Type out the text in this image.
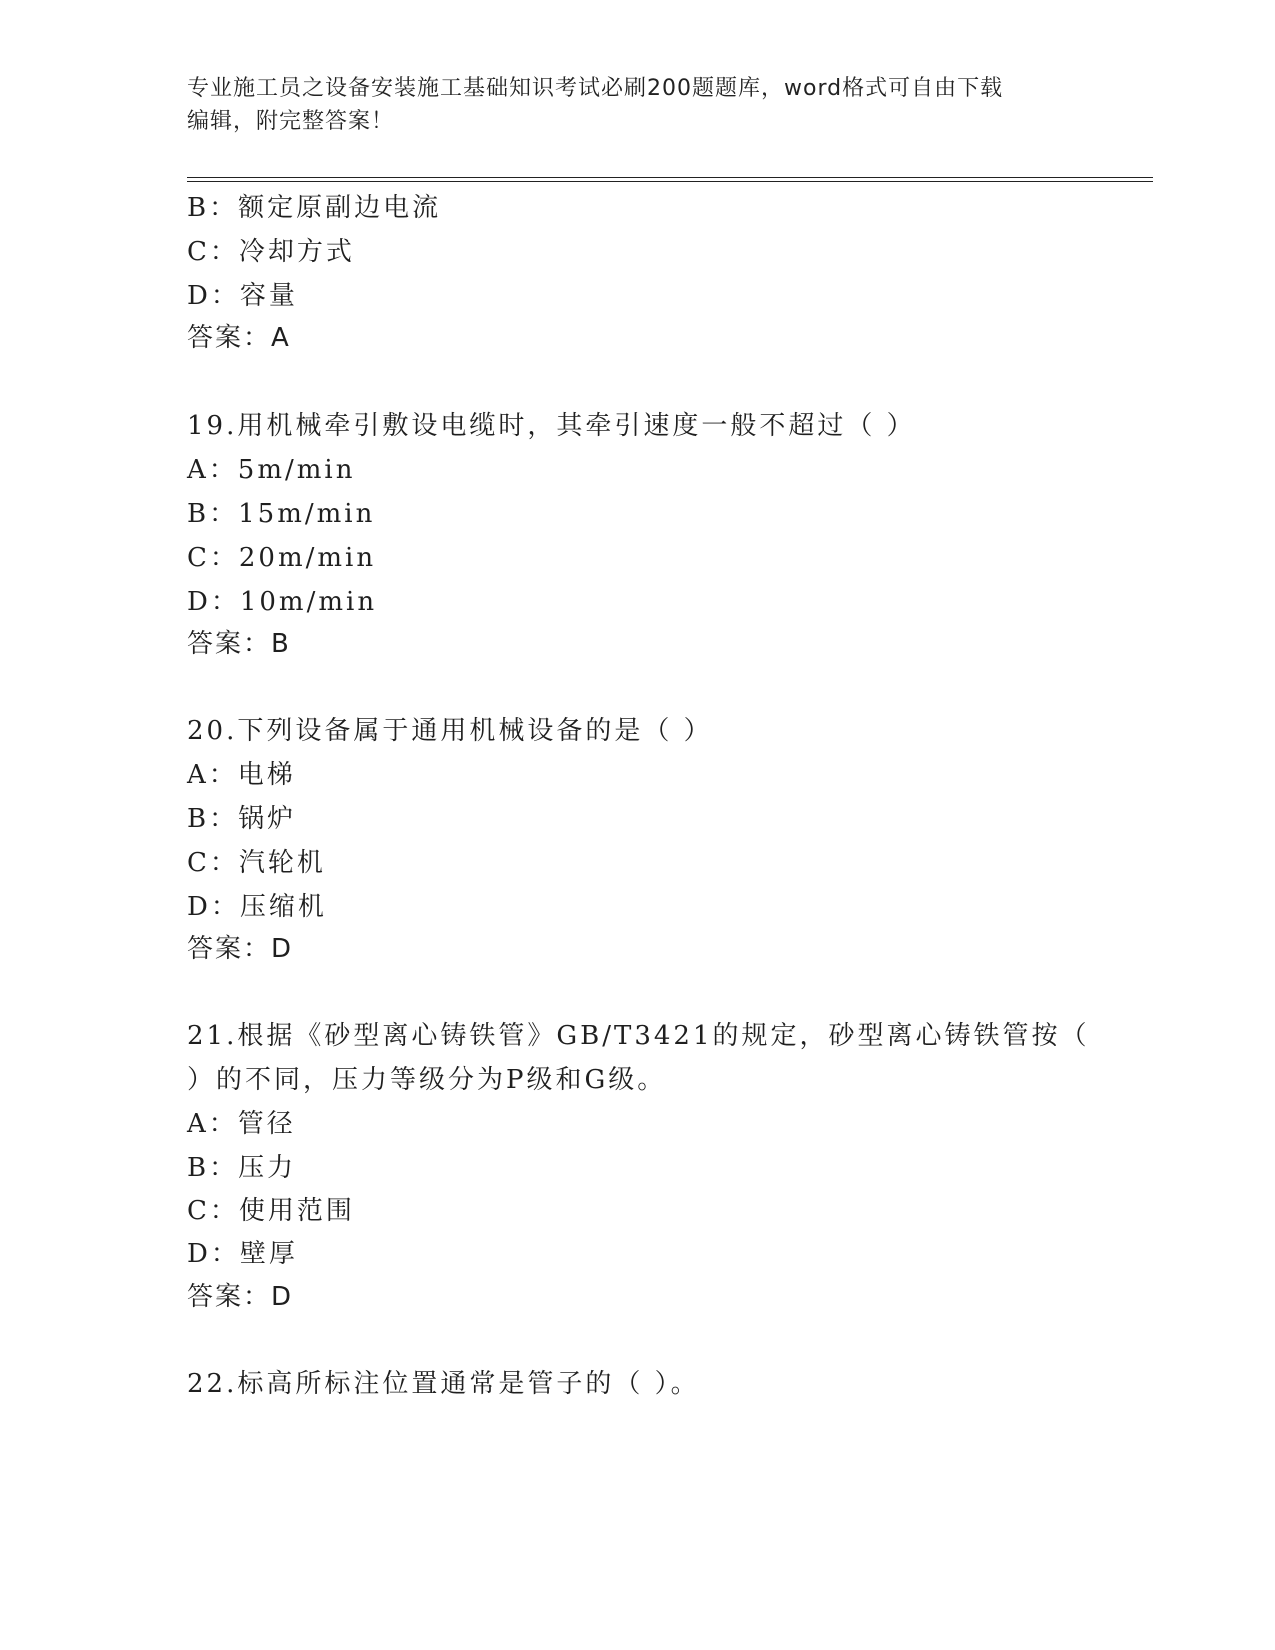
专业施工员之设备安装施工基础知识考试必刷200题题库，word格式可自由下载
编辑，附完整答案！
B：额定原副边电流
C：冷却方式
D：容量
答案：A
19.用机械牵引敷设电缆时，其牵引速度一般不超过（ ）
A：5m/min
B：15m/min
C：20m/min
D：10m/min
答案：B
20.下列设备属于通用机械设备的是（ ）
A：电梯
B：锅炉
C：汽轮机
D：压缩机
答案：D
21.根据《砂型离心铸铁管》GB/T3421的规定，砂型离心铸铁管按（
）的不同，压力等级分为P级和G级。
A：管径
B：压力
C：使用范围
D：壁厚
答案：D
22.标高所标注位置通常是管子的（ ）。
